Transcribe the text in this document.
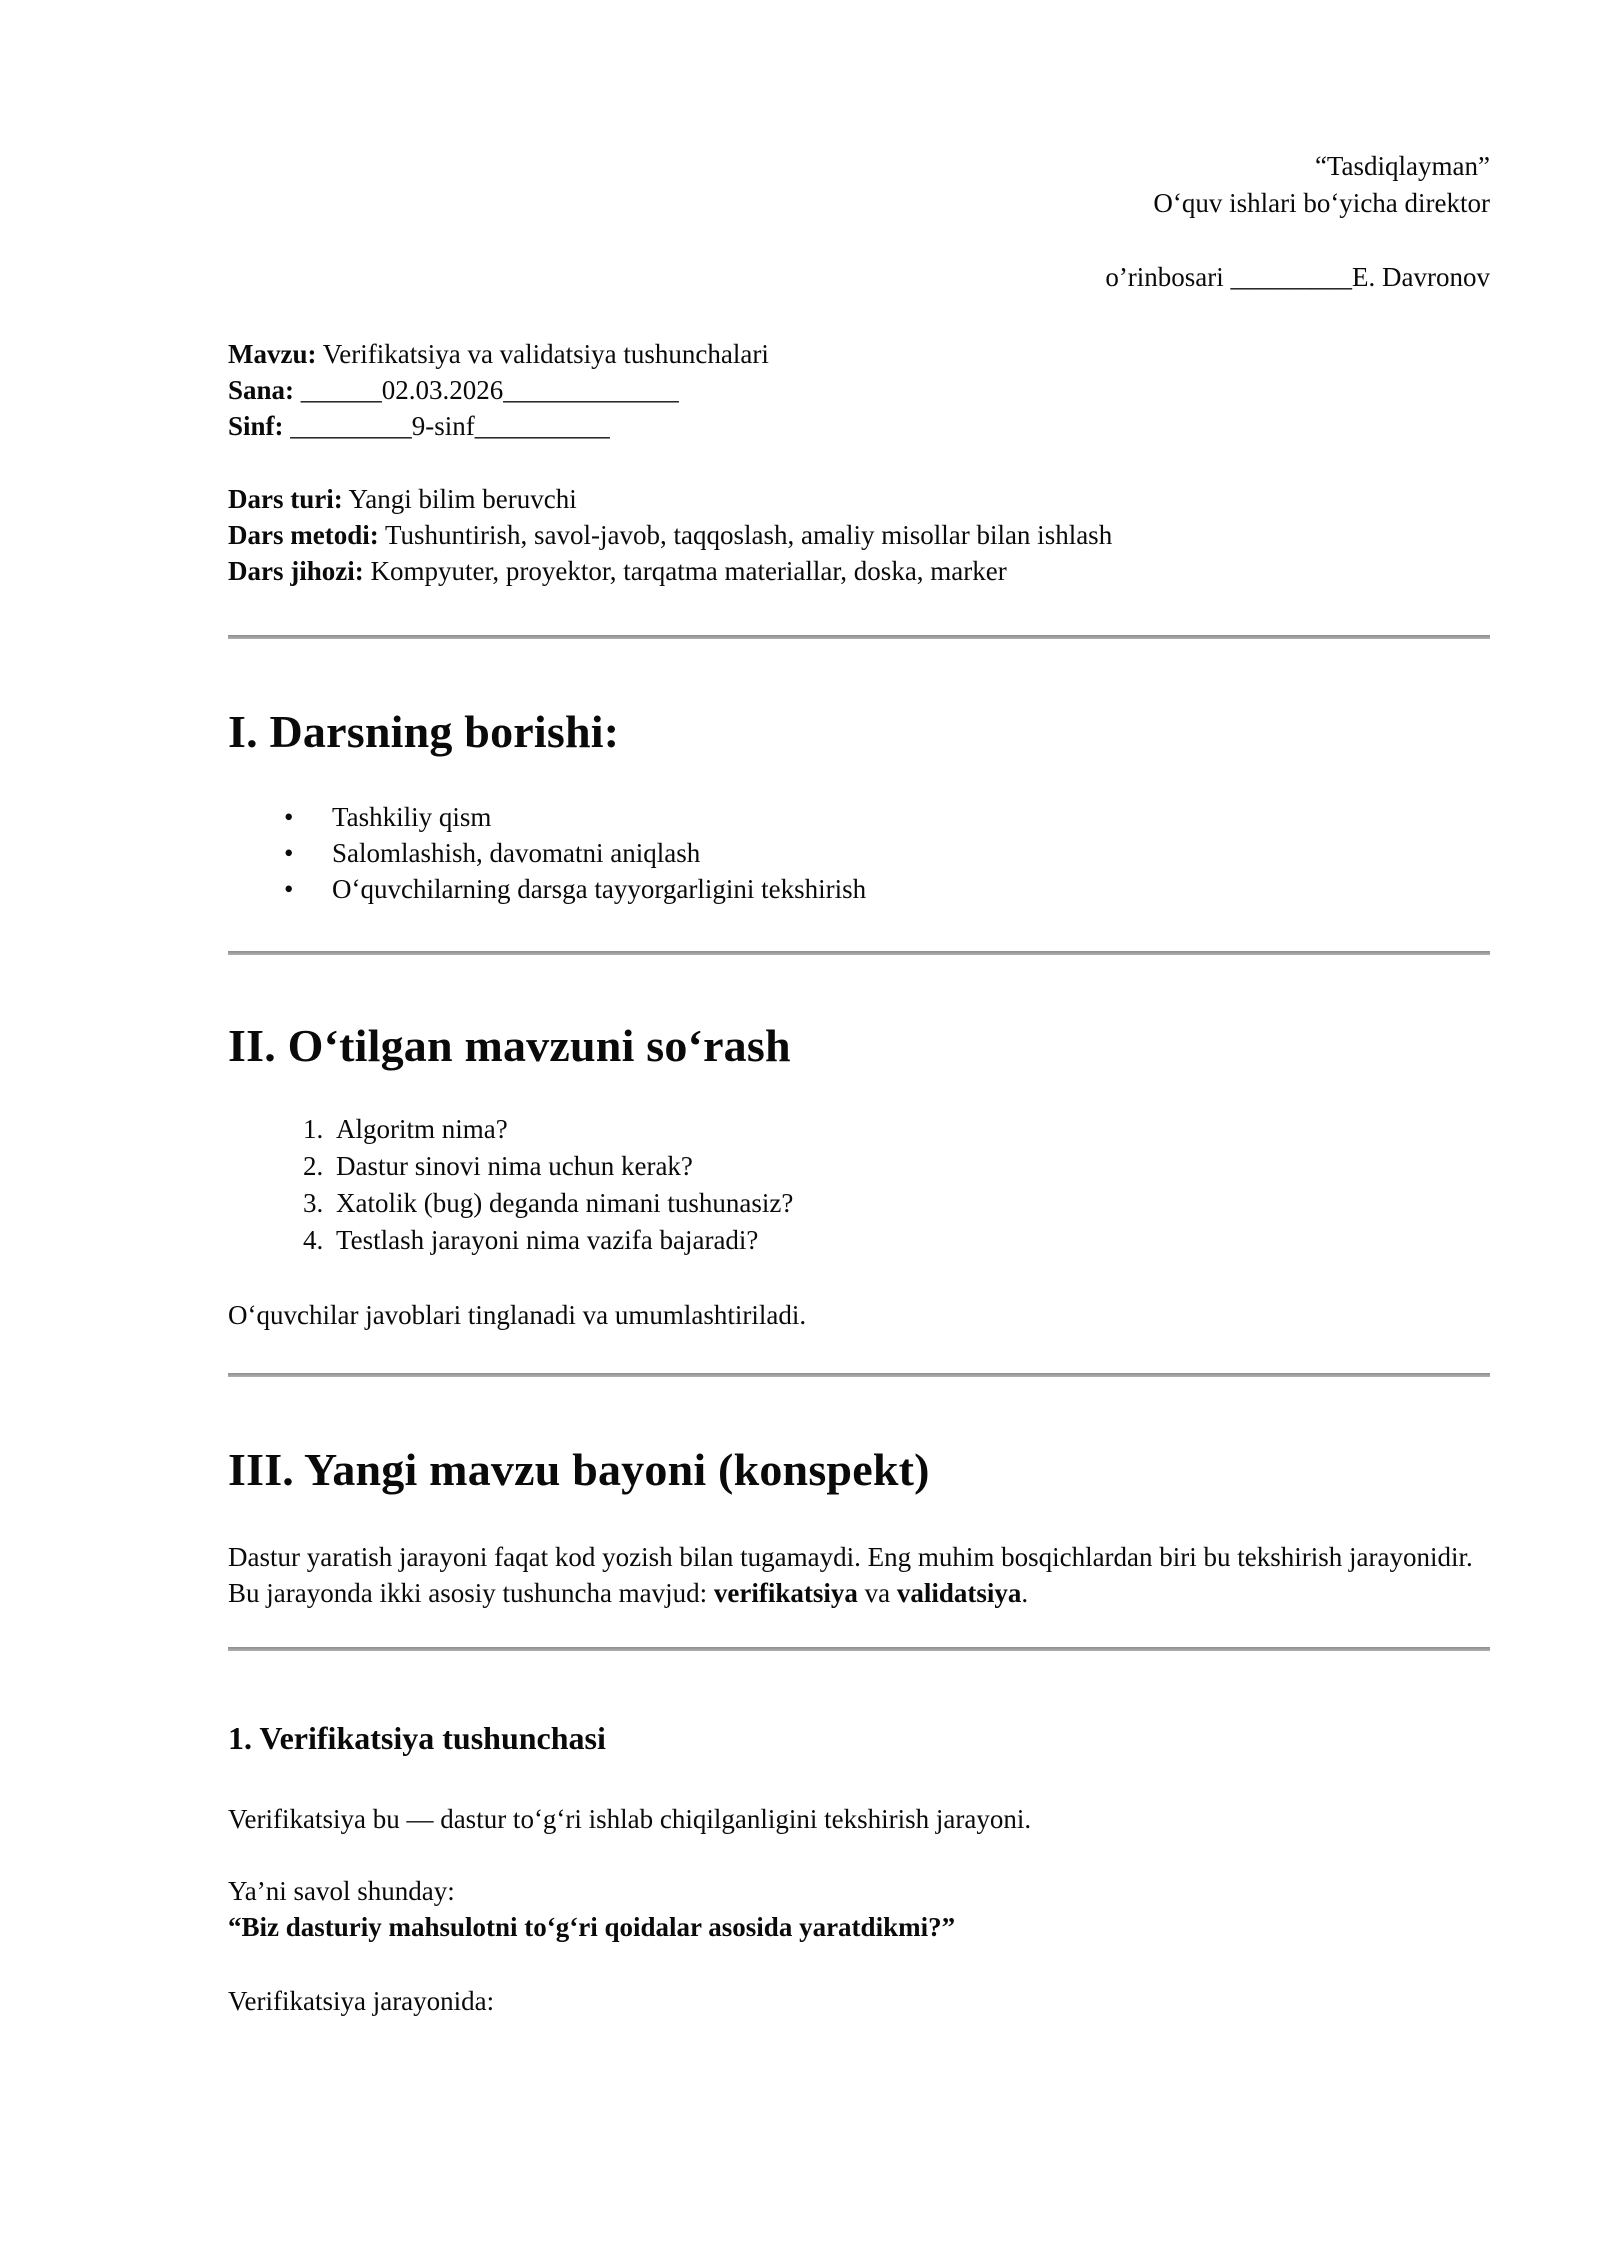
“Tasdiqlayman”

O‘quv ishlari bo‘yicha direktor

o’rinbosari _________E. Davronov

Mavzu: Verifikatsiya va validatsiya tushunchalari

Sana: ______02.03.2026_____________

Sinf: _________9-sinf__________

Dars turi: Yangi bilim beruvchi

Dars metodi: Tushuntirish, savol-javob, taqqoslash, amaliy misollar bilan ishlash

Dars jihozi: Kompyuter, proyektor, tarqatma materiallar, doska, marker

I. Darsning borishi:
• Tashkiliy qism
• Salomlashish, davomatni aniqlash
• O‘quvchilarning darsga tayyorgarligini tekshirish
II. O‘tilgan mavzuni so‘rash
1. Algoritm nima?
2. Dastur sinovi nima uchun kerak?
3. Xatolik (bug) deganda nimani tushunasiz?
4. Testlash jarayoni nima vazifa bajaradi?

O‘quvchilar javoblari tinglanadi va umumlashtiriladi.

III. Yangi mavzu bayoni (konspekt)

Dastur yaratish jarayoni faqat kod yozish bilan tugamaydi. Eng muhim bosqichlardan biri bu tekshirish jarayonidir. Bu jarayonda ikki asosiy tushuncha mavjud: verifikatsiya va validatsiya.

1. Verifikatsiya tushunchasi

Verifikatsiya bu — dastur to‘g‘ri ishlab chiqilganligini tekshirish jarayoni.

Ya’ni savol shunday:
“Biz dasturiy mahsulotni to‘g‘ri qoidalar asosida yaratdikmi?”

Verifikatsiya jarayonida:
